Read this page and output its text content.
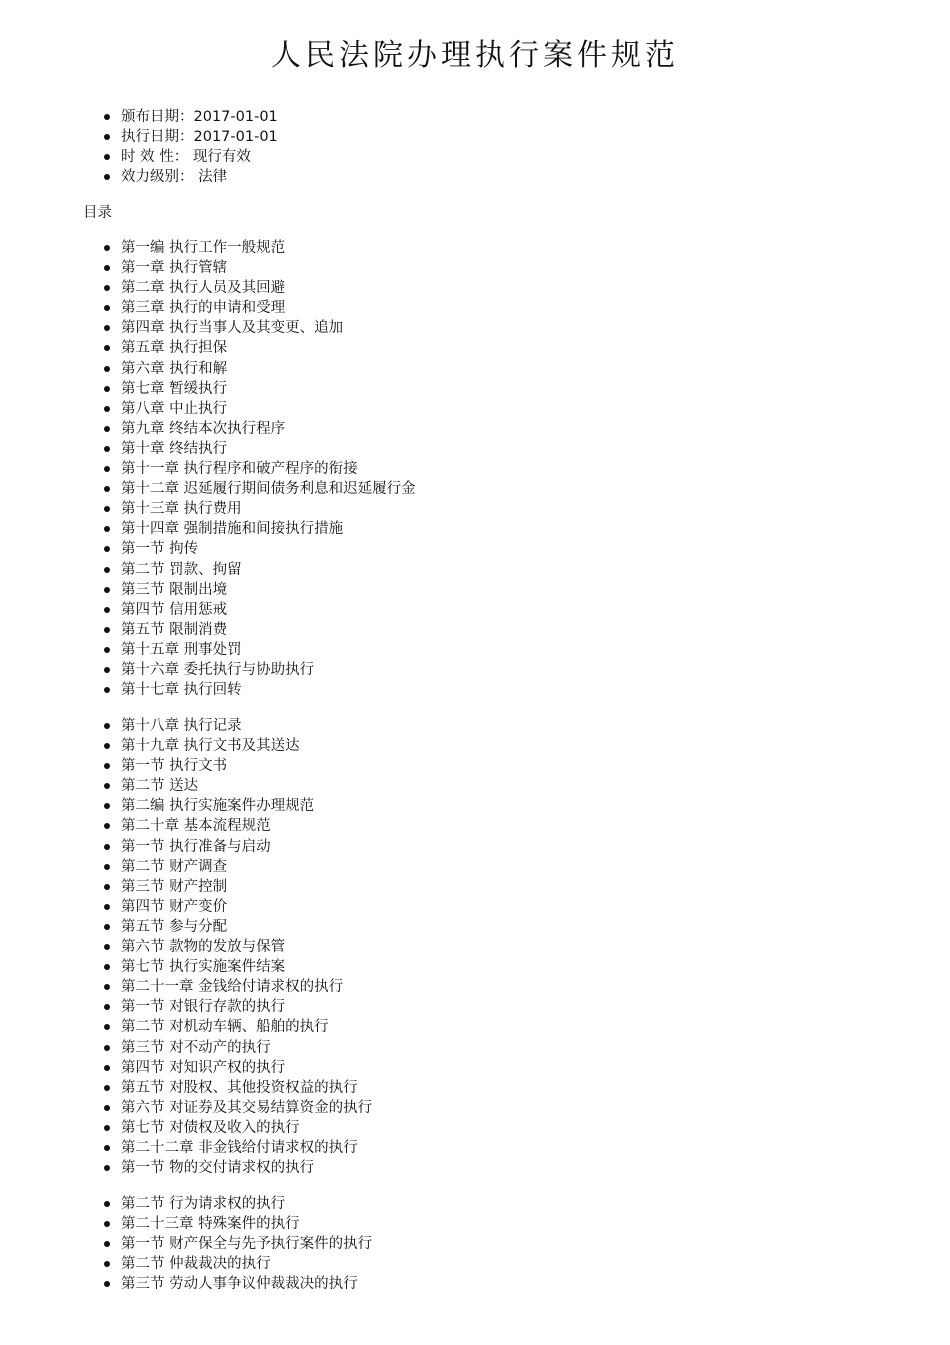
人民法院办理执行案件规范
颁布日期：2017-01-01
执行日期：2017-01-01
时 效 性： 现行有效
效力级别： 法律
目录
第一编 执行工作一般规范
第一章 执行管辖
第二章 执行人员及其回避
第三章 执行的申请和受理
第四章 执行当事人及其变更、追加
第五章 执行担保
第六章 执行和解
第七章 暂缓执行
第八章 中止执行
第九章 终结本次执行程序
第十章 终结执行
第十一章 执行程序和破产程序的衔接
第十二章 迟延履行期间债务利息和迟延履行金
第十三章 执行费用
第十四章 强制措施和间接执行措施
第一节 拘传
第二节 罚款、拘留
第三节 限制出境
第四节 信用惩戒
第五节 限制消费
第十五章 刑事处罚
第十六章 委托执行与协助执行
第十七章 执行回转
第十八章 执行记录
第十九章 执行文书及其送达
第一节 执行文书
第二节 送达
第二编 执行实施案件办理规范
第二十章 基本流程规范
第一节 执行准备与启动
第二节 财产调查
第三节 财产控制
第四节 财产变价
第五节 参与分配
第六节 款物的发放与保管
第七节 执行实施案件结案
第二十一章 金钱给付请求权的执行
第一节 对银行存款的执行
第二节 对机动车辆、船舶的执行
第三节 对不动产的执行
第四节 对知识产权的执行
第五节 对股权、其他投资权益的执行
第六节 对证券及其交易结算资金的执行
第七节 对债权及收入的执行
第二十二章 非金钱给付请求权的执行
第一节 物的交付请求权的执行
第二节 行为请求权的执行
第二十三章 特殊案件的执行
第一节 财产保全与先予执行案件的执行
第二节 仲裁裁决的执行
第三节 劳动人事争议仲裁裁决的执行
